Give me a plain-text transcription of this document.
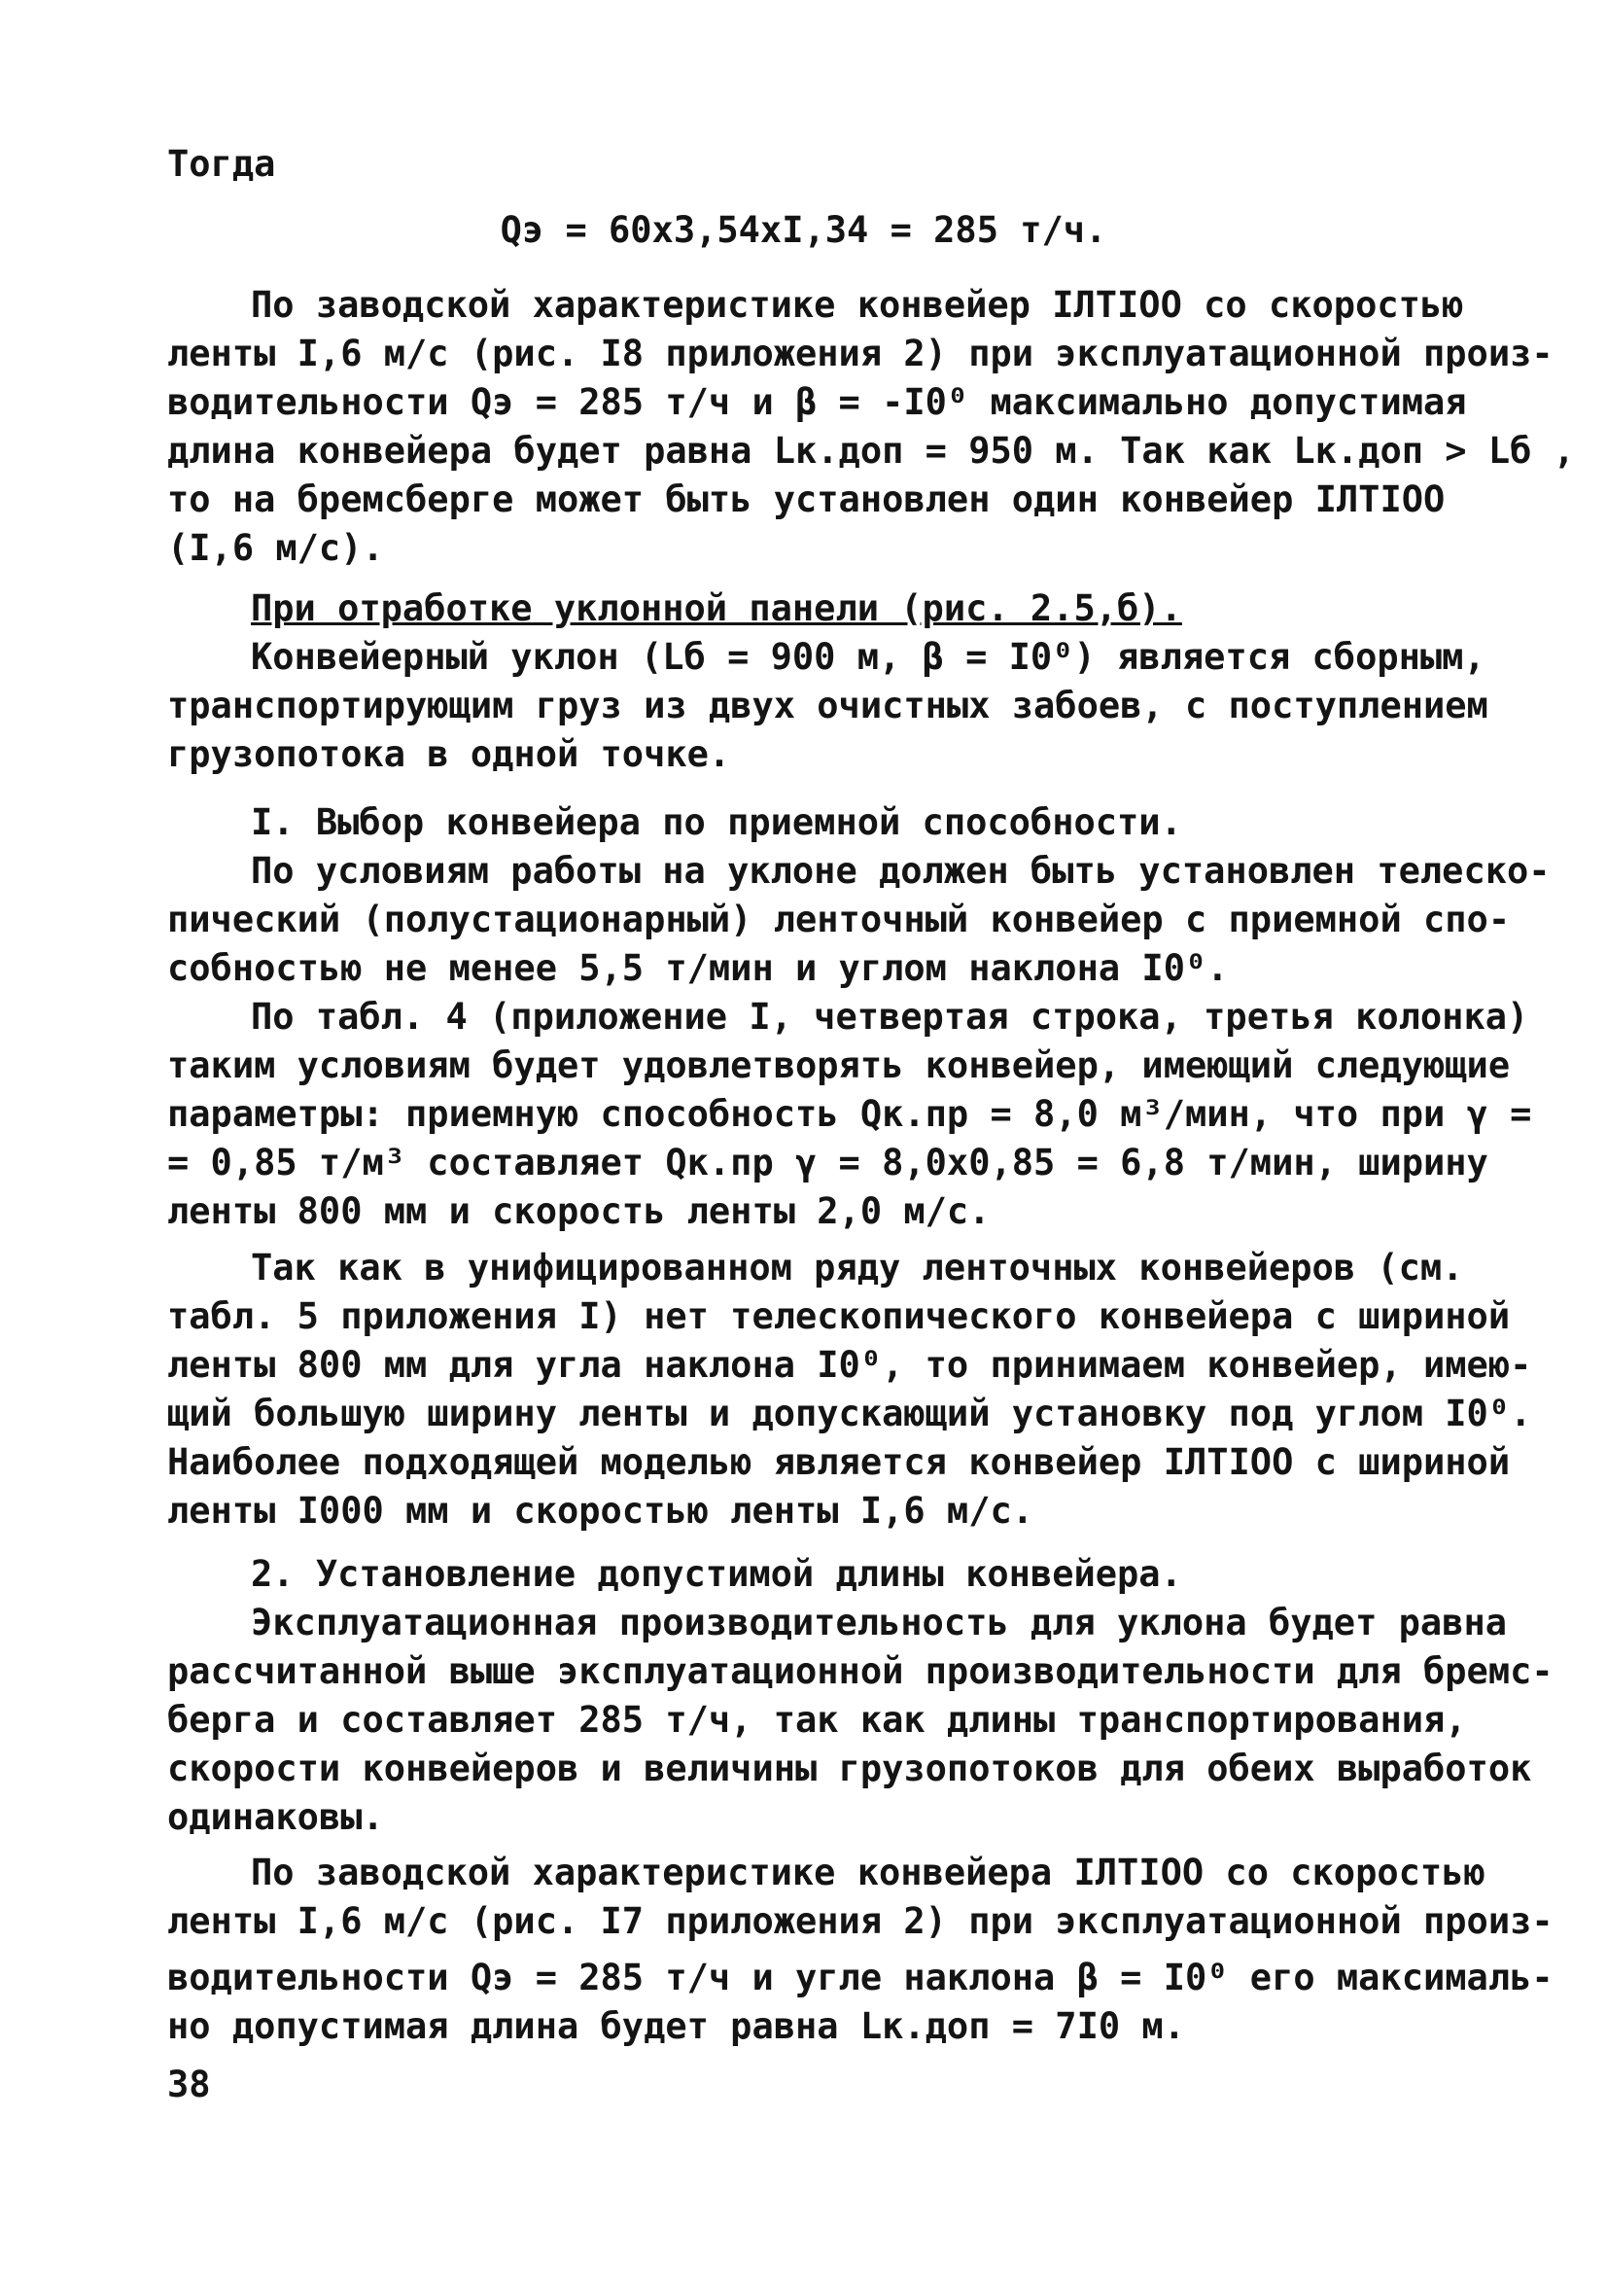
Тогда
Qэ = 60x3,54xI,34 = 285 т/ч.
По заводской характеристике конвейер IЛТIOO со скоростью
ленты I,6 м/с (рис. I8 приложения 2) при эксплуатационной произ-
водительности Qэ = 285 т/ч и β = -I0⁰ максимально допустимая
длина конвейера будет равна Lк.доп = 950 м. Так как Lк.доп > Lб ,
то на бремсберге может быть установлен один конвейер IЛТIOO
(I,6 м/с).
При отработке уклонной панели (рис. 2.5,б).
Конвейерный уклон (Lб = 900 м, β = I0⁰) является сборным,
транспортирующим груз из двух очистных забоев, с поступлением
грузопотока в одной точке.
I. Выбор конвейера по приемной способности.
По условиям работы на уклоне должен быть установлен телеско-
пический (полустационарный) ленточный конвейер с приемной спо-
собностью не менее 5,5 т/мин и углом наклона I0⁰.
По табл. 4 (приложение I, четвертая строка, третья колонка)
таким условиям будет удовлетворять конвейер, имеющий следующие
параметры: приемную способность Qк.пр = 8,0 м³/мин, что при γ =
= 0,85 т/м³ составляет Qк.пр γ = 8,0x0,85 = 6,8 т/мин, ширину
ленты 800 мм и скорость ленты 2,0 м/с.
Так как в унифицированном ряду ленточных конвейеров (см.
табл. 5 приложения I) нет телескопического конвейера с шириной
ленты 800 мм для угла наклона I0⁰, то принимаем конвейер, имею-
щий большую ширину ленты и допускающий установку под углом I0⁰.
Наиболее подходящей моделью является конвейер IЛТIOO с шириной
ленты I000 мм и скоростью ленты I,6 м/с.
2. Установление допустимой длины конвейера.
Эксплуатационная производительность для уклона будет равна
рассчитанной выше эксплуатационной производительности для бремс-
берга и составляет 285 т/ч, так как длины транспортирования,
скорости конвейеров и величины грузопотоков для обеих выработок
одинаковы.
По заводской характеристике конвейера IЛТIOO со скоростью
ленты I,6 м/с (рис. I7 приложения 2) при эксплуатационной произ-
водительности Qэ = 285 т/ч и угле наклона β = I0⁰ его максималь-
но допустимая длина будет равна Lк.доп = 7I0 м.
38
